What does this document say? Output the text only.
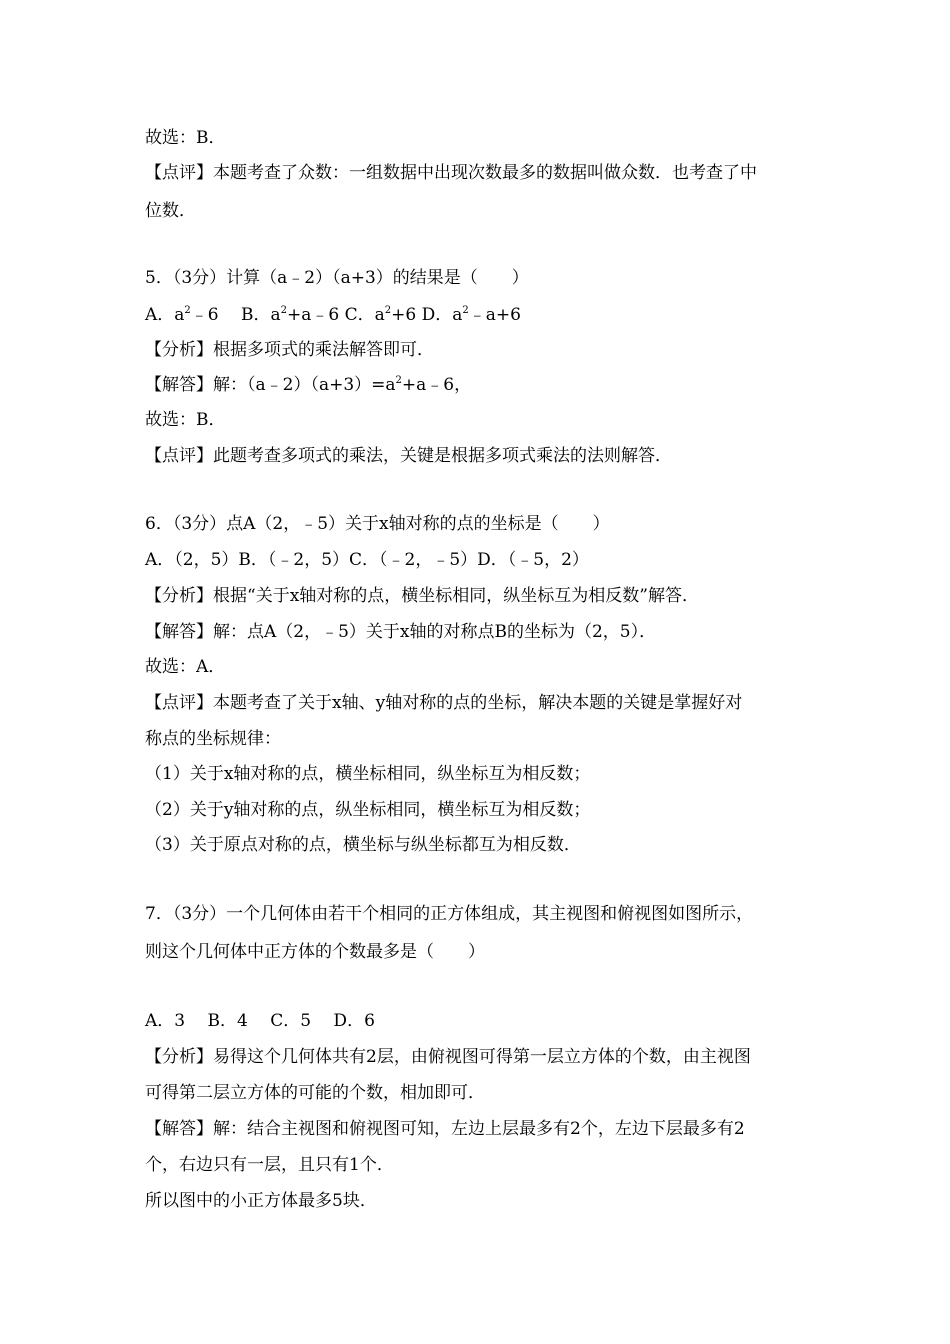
故选：B．
【点评】本题考查了众数：一组数据中出现次数最多的数据叫做众数．也考查了中
位数．
5．（3分）计算（a﹣2）（a+3）的结果是（　　）
A．$a^2﹣6$　 B．$a^2+a﹣6$ C．$a^2+6$ D．$a^2﹣a+6$
【分析】根据多项式的乘法解答即可．
【解答】解：$(a﹣2)(a+3)=a^2+a﹣6$，
故选：B．
【点评】此题考查多项式的乘法，关键是根据多项式乘法的法则解答．
6．（3分）点A（2，﹣5）关于x轴对称的点的坐标是（　　）
A．（2，5）B．（﹣2，5）C．（﹣2，﹣5）D．（﹣5，2）
【分析】根据“关于x轴对称的点，横坐标相同，纵坐标互为相反数”解答．
【解答】解：点A（2，﹣5）关于x轴的对称点B的坐标为（2，5）．
故选：A．
【点评】本题考查了关于x轴、y轴对称的点的坐标，解决本题的关键是掌握好对
称点的坐标规律：
（1）关于x轴对称的点，横坐标相同，纵坐标互为相反数；
（2）关于y轴对称的点，纵坐标相同，横坐标互为相反数；
（3）关于原点对称的点，横坐标与纵坐标都互为相反数．
7．（3分）一个几何体由若干个相同的正方体组成，其主视图和俯视图如图所示，
则这个几何体中正方体的个数最多是（　　）
A．3　 B．4　 C．5　 D．6
【分析】易得这个几何体共有2层，由俯视图可得第一层立方体的个数，由主视图
可得第二层立方体的可能的个数，相加即可．
【解答】解：结合主视图和俯视图可知，左边上层最多有2个，左边下层最多有2
个，右边只有一层，且只有1个．
所以图中的小正方体最多5块．
